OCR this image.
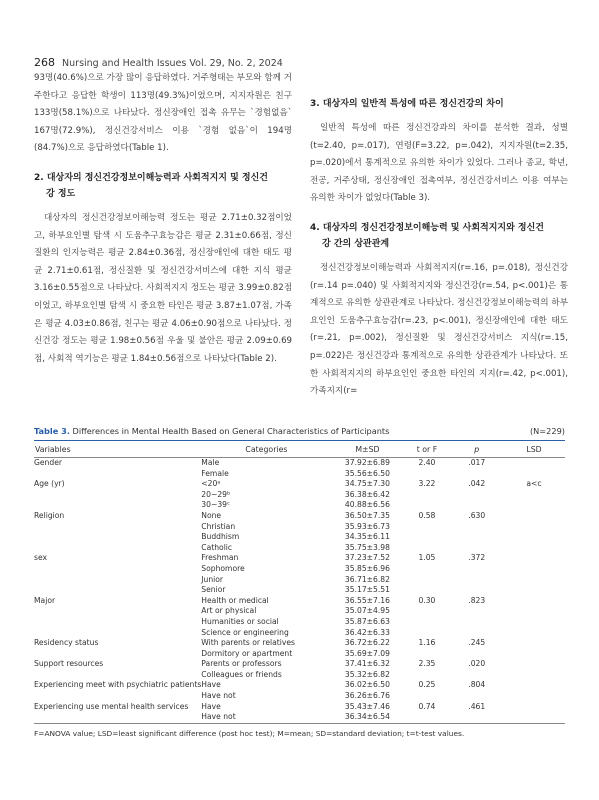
268 Nursing and Health Issues Vol. 29, No. 2, 2024

93명(40.6%)으로 가장 많이 응답하였다. 거주형태는 부모와 함께 거주한다고 응답한 학생이 113명(49.3%)이었으며, 지지자원은 친구 133명(58.1%)으로 나타났다. 정신장애인 접촉 유무는 `경험없음` 167명(72.9%), 정신건강서비스 이용 `경험 없음`이 194명(84.7%)으로 응답하였다(Table 1).

2. 대상자의 정신건강정보이해능력과 사회적지지 및 정신건
강 정도

대상자의 정신건강정보이해능력 정도는 평균 2.71±0.32점이었고, 하부요인별 탐색 시 도움추구효능감은 평균 2.31±0.66점, 정신질환의 인지능력은 평균 2.84±0.36점, 정신장애인에 대한 태도 평균 2.71±0.61점, 정신질환 및 정신건강서비스에 대한 지식 평균 3.16±0.55점으로 나타났다. 사회적지지 정도는 평균 3.99±0.82점이었고, 하부요인별 탐색 시 중요한 타인은 평균 3.87±1.07점, 가족은 평균 4.03±0.86점, 친구는 평균 4.06±0.90점으로 나타났다. 정신건강 정도는 평균 1.98±0.56점 우울 및 불안은 평균 2.09±0.69점, 사회적 역기능은 평균 1.84±0.56점으로 나타났다(Table 2).

3. 대상자의 일반적 특성에 따른 정신건강의 차이

일반적 특성에 따른 정신건강과의 차이를 분석한 결과, 성별(t=2.40, p=.017), 연령(F=3.22, p=.042), 지지자원(t=2.35, p=.020)에서 통계적으로 유의한 차이가 있었다. 그러나 종교, 학년, 전공, 거주상태, 정신장애인 접촉여부, 정신건강서비스 이용 여부는 유의한 차이가 없었다(Table 3).

4. 대상자의 정신건강정보이해능력 및 사회적지지와 정신건
강 간의 상관관계

정신건강정보이해능력과 사회적지지(r=.16, p=.018), 정신건강(r=.14 p=.040) 및 사회적지지와 정신건강(r=.54, p<.001)은 통계적으로 유의한 상관관계로 나타났다. 정신건강정보이해능력의 하부요인인 도움추구효능감(r=.23, p<.001), 정신장애인에 대한 태도(r=.21, p=.002), 정신질환 및 정신건강서비스 지식(r=.15, p=.022)은 정신건강과 통계적으로 유의한 상관관계가 나타났다. 또한 사회적지지의 하부요인인 중요한 타인의 지지(r=.42, p<.001), 가족지지(r=

Table 3. Differences in Mental Health Based on General Characteristics of Participants	(N=229)
Variables	Categories	M±SD	t or F	p	LSD
Gender	Male	37.92±6.89	2.40	.017	
	Female	35.56±6.50			
Age (yr)	<20ᵃ	34.75±7.30	3.22	.042	a<c
	20~29ᵇ	36.38±6.42			
	30~39ᶜ	40.88±6.56			
Religion	None	36.50±7.35	0.58	.630	
	Christian	35.93±6.73			
	Buddhism	34.35±6.11			
	Catholic	35.75±3.98			
sex	Freshman	37.23±7.52	1.05	.372	
	Sophomore	35.85±6.96			
	Junior	36.71±6.82			
	Senior	35.17±5.51			
Major	Health or medical	36.55±7.16	0.30	.823	
	Art or physical	35.07±4.95			
	Humanities or social	35.87±6.63			
	Science or engineering	36.42±6.33			
Residency status	With parents or relatives	36.72±6.22	1.16	.245	
	Dormitory or apartment	35.69±7.09			
Support resources	Parents or professors	37.41±6.32	2.35	.020	
	Colleagues or friends	35.32±6.82			
Experiencing meet with psychiatric patients	Have	36.02±6.50	0.25	.804	
	Have not	36.26±6.76			
Experiencing use mental health services	Have	35.43±7.46	0.74	.461	
	Have not	36.34±6.54			
F=ANOVA value; LSD=least significant difference (post hoc test); M=mean; SD=standard deviation; t=t-test values.
